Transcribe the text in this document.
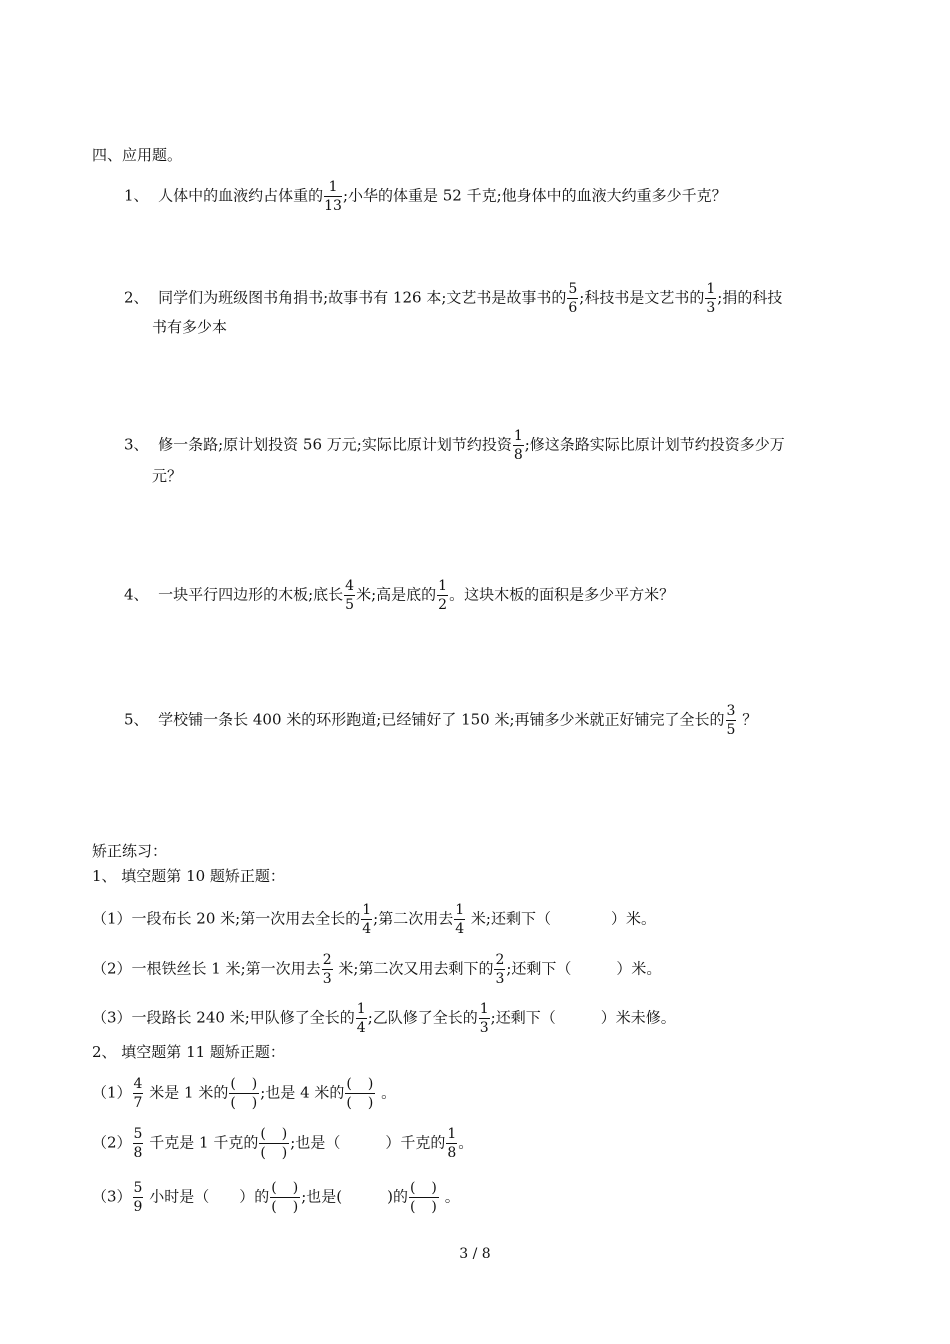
四、应用题。
1、 人体中的血液约占体重的 $\frac{1}{13}$ ;小华的体重是 52 千克;他身体中的血液大约重多少千克？
2、 同学们为班级图书角捐书;故事书有 126 本;文艺书是故事书的 $\frac{5}{6}$ ;科技书是文艺书的 $\frac{1}{3}$ ;捐的科技
书有多少本
3、 修一条路;原计划投资 56 万元;实际比原计划节约投资 $\frac{1}{8}$ ;修这条路实际比原计划节约投资多少万
元？
4、 一块平行四边形的木板;底长 $\frac{4}{5}$ 米;高是底的 $\frac{1}{2}$ 。这块木板的面积是多少平方米？
5、 学校铺一条长 400 米的环形跑道;已经铺好了 150 米;再铺多少米就正好铺完了全长的 $\frac{3}{5}$ ？
矫正练习：
1、 填空题第 10 题矫正题：
（1）一段布长 20 米;第一次用去全长的 $\frac{1}{4}$ ;第二次用去 $\frac{1}{4}$ 米;还剩下（　　　　）米。
（2）一根铁丝长 1 米;第一次用去 $\frac{2}{3}$ 米;第二次又用去剩下的 $\frac{2}{3}$ ;还剩下（　　　）米。
（3）一段路长 240 米;甲队修了全长的 $\frac{1}{4}$ ;乙队修了全长的 $\frac{1}{3}$ ;还剩下（　　　）米未修。
2、 填空题第 11 题矫正题：
$(1) \frac{4}{7}$ 米是 1 米的 $\frac{( )}{( )}$ ;也是 4 米的 $\frac{( )}{( )}$ 。
$(2) \frac{5}{8}$ 千克是 1 千克的 $\frac{( )}{( )}$ ;也是（　　　）千克的 $\frac{1}{8}$ 。
$(3) \frac{5}{9}$ 小时是（　　）的 $\frac{( )}{( )}$ ;也是(　　　)的 $\frac{( )}{( )}$ 。
3 / 8
